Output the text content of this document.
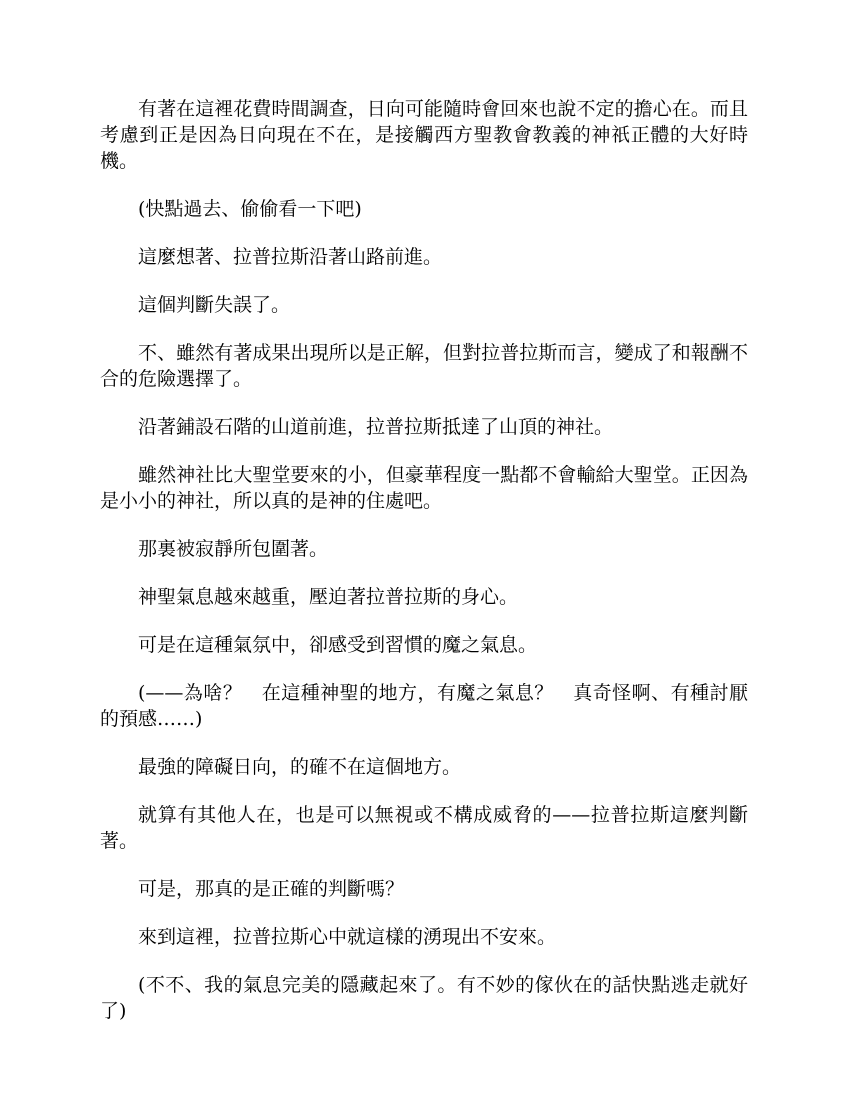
有著在這裡花費時間調查，日向可能隨時會回來也說不定的擔心在。而且考慮到正是因為日向現在不在，是接觸西方聖教會教義的神祇正體的大好時機。

(快點過去、偷偷看一下吧)

這麼想著、拉普拉斯沿著山路前進。

這個判斷失誤了。

不、雖然有著成果出現所以是正解，但對拉普拉斯而言，變成了和報酬不合的危險選擇了。

沿著鋪設石階的山道前進，拉普拉斯抵達了山頂的神社。

雖然神社比大聖堂要來的小，但豪華程度一點都不會輸給大聖堂。正因為是小小的神社，所以真的是神的住處吧。

那裏被寂靜所包圍著。

神聖氣息越來越重，壓迫著拉普拉斯的身心。

可是在這種氣氛中，卻感受到習慣的魔之氣息。

(——為啥？　在這種神聖的地方，有魔之氣息？　真奇怪啊、有種討厭的預感……)

最強的障礙日向，的確不在這個地方。

就算有其他人在，也是可以無視或不構成威脅的——拉普拉斯這麼判斷著。

可是，那真的是正確的判斷嗎？

來到這裡，拉普拉斯心中就這樣的湧現出不安來。

(不不、我的氣息完美的隱藏起來了。有不妙的傢伙在的話快點逃走就好了)
